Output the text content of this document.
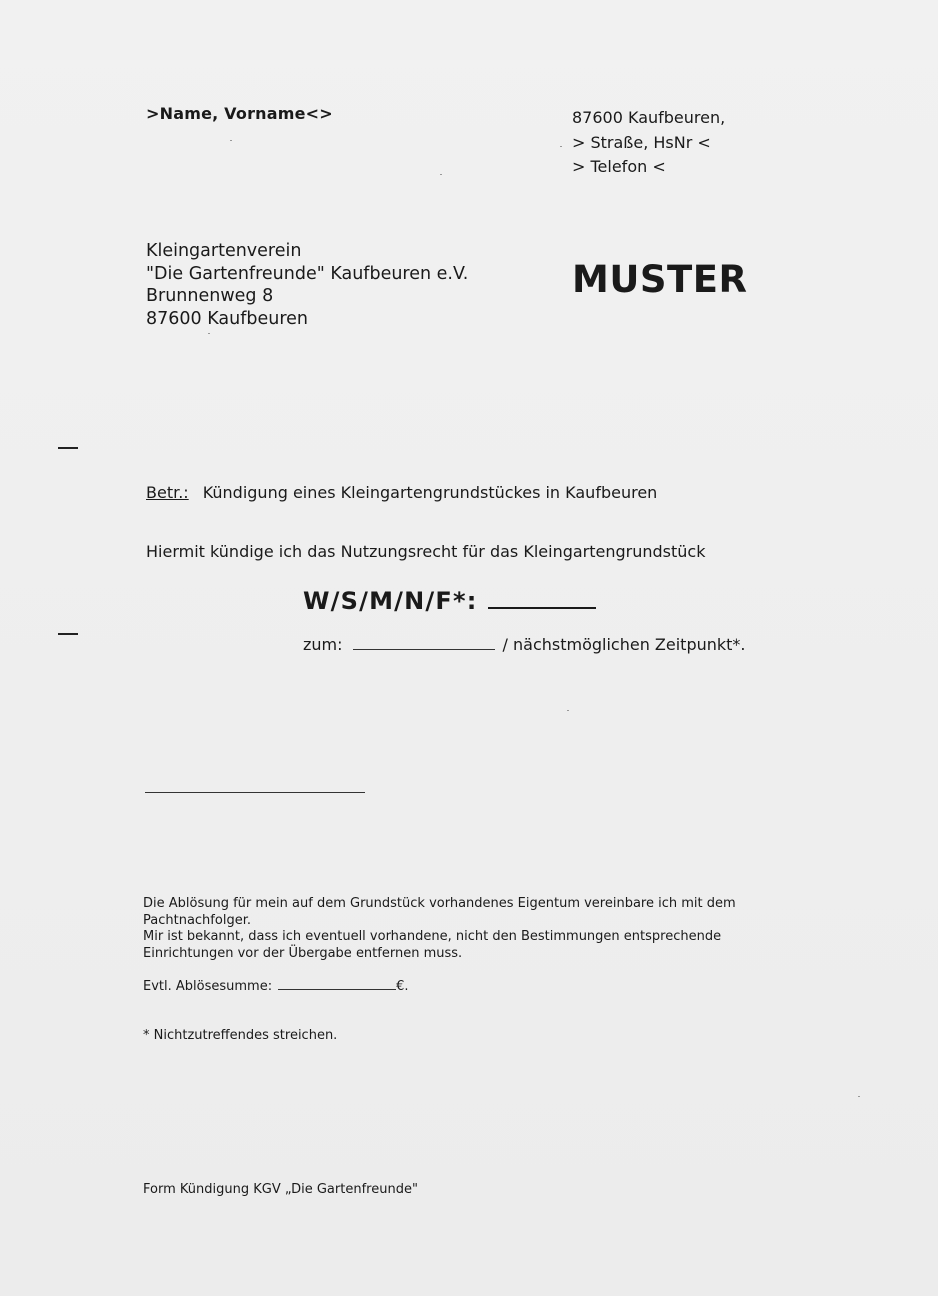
>Name, Vorname<>	87600 Kaufbeuren,
> Straße, HsNr <
> Telefon <
Kleingartenverein
"Die Gartenfreunde" Kaufbeuren e.V.
Brunnenweg 8
87600 Kaufbeuren
MUSTER
Betr.: Kündigung eines Kleingartengrundstückes in Kaufbeuren
Hiermit kündige ich das Nutzungsrecht für das Kleingartengrundstück
W/S/M/N/F*:
zum:	/ nächstmöglichen Zeitpunkt*.
Die Ablösung für mein auf dem Grundstück vorhandenes Eigentum vereinbare ich mit dem
Pachtnachfolger.
Mir ist bekannt, dass ich eventuell vorhandene, nicht den Bestimmungen entsprechende
Einrichtungen vor der Übergabe entfernen muss.
Evtl. Ablösesumme:	€.
* Nichtzutreffendes streichen.
Form Kündigung KGV „Die Gartenfreunde"
